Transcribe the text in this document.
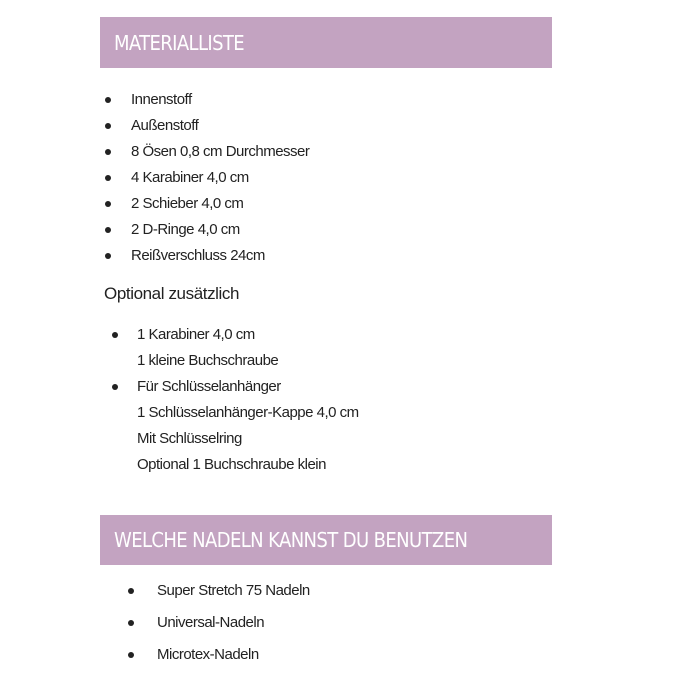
MATERIALLISTE
Innenstoff
Außenstoff
8 Ösen 0,8 cm Durchmesser
4 Karabiner 4,0 cm
2 Schieber 4,0 cm
2 D-Ringe 4,0 cm
Reißverschluss 24cm
Optional zusätzlich
1 Karabiner 4,0 cm
1 kleine Buchschraube
Für Schlüsselanhänger
1 Schlüsselanhänger-Kappe 4,0 cm
Mit Schlüsselring
Optional 1 Buchschraube klein
WELCHE NADELN KANNST DU BENUTZEN
Super Stretch 75 Nadeln
Universal-Nadeln
Microtex-Nadeln
